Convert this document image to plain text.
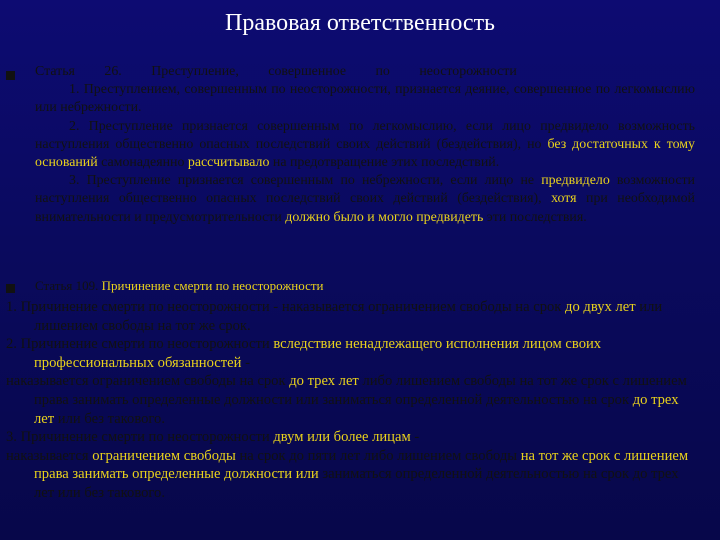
Правовая ответственность

Статья 26. Преступление, совершенное по неосторожности

1. Преступлением, совершенным по неосторожности, признается деяние, совершенное по легкомыслию или небрежности.

2. Преступление признается совершенным по легкомыслию, если лицо предвидело возможность наступления общественно опасных последствий своих действий (бездействия), но без достаточных к тому оснований самонадеянно рассчитывало на предотвращение этих последствий.

3. Преступление признается совершенным по небрежности, если лицо не предвидело возможности наступления общественно опасных последствий своих действий (бездействия), хотя при необходимой внимательности и предусмотрительности должно было и могло предвидеть эти последствия.

Статья 109. Причинение смерти по неосторожности

1. Причинение смерти по неосторожности - наказывается ограничением свободы на срок до двух лет или лишением свободы на тот же срок.

2. Причинение смерти по неосторожности вследствие ненадлежащего исполнения лицом своих профессиональных обязанностей -

наказывается ограничением свободы на срок до трех лет либо лишением свободы на тот же срок с лишением права занимать определенные должности или заниматься определенной деятельностью на срок до трех лет или без такового.

3. Причинение смерти по неосторожности двум или более лицам -

наказывается ограничением свободы на срок до пяти лет либо лишением свободы на тот же срок с лишением права занимать определенные должности или заниматься определенной деятельностью на срок до трех лет или без такового.
